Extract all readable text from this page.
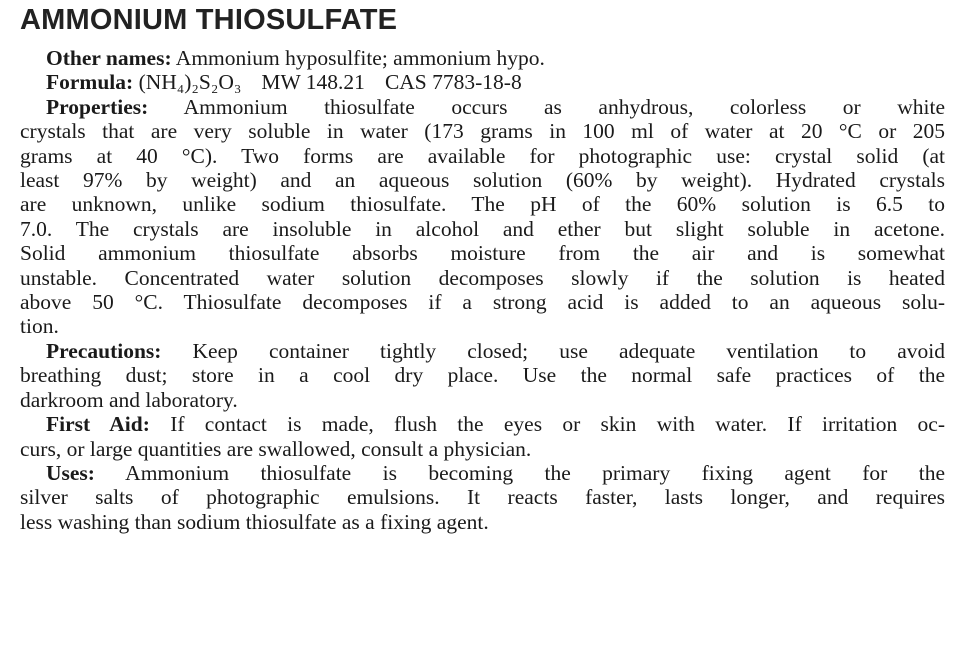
AMMONIUM THIOSULFATE
Other names: Ammonium hyposulfite; ammonium hypo.
Formula: (NH₄)₂S₂O₃ MW 148.21 CAS 7783-18-8
Properties: Ammonium thiosulfate occurs as anhydrous, colorless or white
crystals that are very soluble in water (173 grams in 100 ml of water at 20 °C or 205
grams at 40 °C). Two forms are available for photographic use: crystal solid (at
least 97% by weight) and an aqueous solution (60% by weight). Hydrated crystals
are unknown, unlike sodium thiosulfate. The pH of the 60% solution is 6.5 to
7.0. The crystals are insoluble in alcohol and ether but slight soluble in acetone.
Solid ammonium thiosulfate absorbs moisture from the air and is somewhat
unstable. Concentrated water solution decomposes slowly if the solution is heated
above 50 °C. Thiosulfate decomposes if a strong acid is added to an aqueous solu-
tion.
Precautions: Keep container tightly closed; use adequate ventilation to avoid
breathing dust; store in a cool dry place. Use the normal safe practices of the
darkroom and laboratory.
First Aid: If contact is made, flush the eyes or skin with water. If irritation oc-
curs, or large quantities are swallowed, consult a physician.
Uses: Ammonium thiosulfate is becoming the primary fixing agent for the
silver salts of photographic emulsions. It reacts faster, lasts longer, and requires
less washing than sodium thiosulfate as a fixing agent.
